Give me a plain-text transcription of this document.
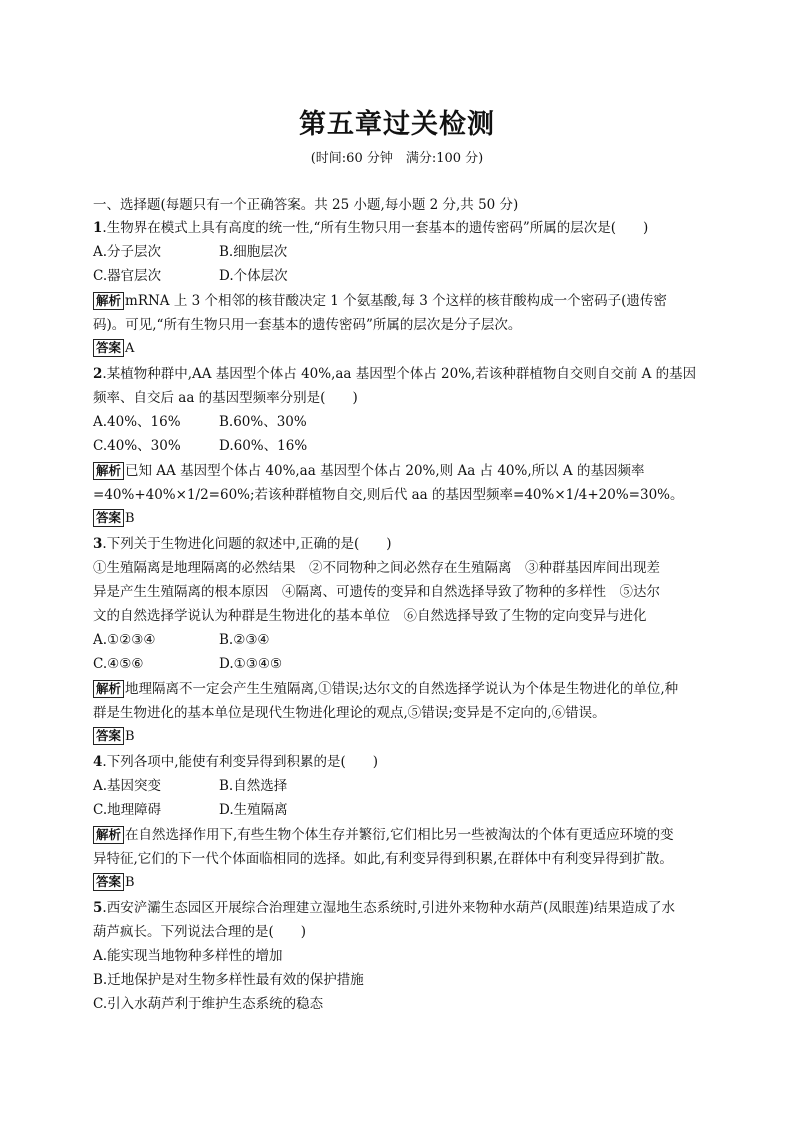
第五章过关检测
(时间:60 分钟　满分:100 分)
一、选择题(每题只有一个正确答案。共 25 小题,每小题 2 分,共 50 分)
1.生物界在模式上具有高度的统一性,“所有生物只用一套基本的遗传密码”所属的层次是(　　)
A.分子层次	B.细胞层次
C.器官层次	D.个体层次
解析 mRNA 上 3 个相邻的核苷酸决定 1 个氨基酸,每 3 个这样的核苷酸构成一个密码子(遗传密
码)。可见,“所有生物只用一套基本的遗传密码”所属的层次是分子层次。
答案 A
2.某植物种群中,AA 基因型个体占 40%,aa 基因型个体占 20%,若该种群植物自交则自交前 A 的基因
频率、自交后 aa 的基因型频率分别是(　　)
A.40%、16%	B.60%、30%
C.40%、30%	D.60%、16%
解析 已知 AA 基因型个体占 40%,aa 基因型个体占 20%,则 Aa 占 40%,所以 A 的基因频率
=40%+40%×1/2=60%;若该种群植物自交,则后代 aa 的基因型频率=40%×1/4+20%=30%。
答案 B
3.下列关于生物进化问题的叙述中,正确的是(　　)
①生殖隔离是地理隔离的必然结果　②不同物种之间必然存在生殖隔离　③种群基因库间出现差
异是产生生殖隔离的根本原因　④隔离、可遗传的变异和自然选择导致了物种的多样性　⑤达尔
文的自然选择学说认为种群是生物进化的基本单位　⑥自然选择导致了生物的定向变异与进化
A.①②③④	B.②③④
C.④⑤⑥	D.①③④⑤
解析 地理隔离不一定会产生生殖隔离,①错误;达尔文的自然选择学说认为个体是生物进化的单位,种
群是生物进化的基本单位是现代生物进化理论的观点,⑤错误;变异是不定向的,⑥错误。
答案 B
4.下列各项中,能使有利变异得到积累的是(　　)
A.基因突变	B.自然选择
C.地理障碍	D.生殖隔离
解析 在自然选择作用下,有些生物个体生存并繁衍,它们相比另一些被淘汰的个体有更适应环境的变
异特征,它们的下一代个体面临相同的选择。如此,有利变异得到积累,在群体中有利变异得到扩散。
答案 B
5.西安浐灞生态园区开展综合治理建立湿地生态系统时,引进外来物种水葫芦(凤眼莲)结果造成了水
葫芦疯长。下列说法合理的是(　　)
A.能实现当地物种多样性的增加
B.迁地保护是对生物多样性最有效的保护措施
C.引入水葫芦利于维护生态系统的稳态
